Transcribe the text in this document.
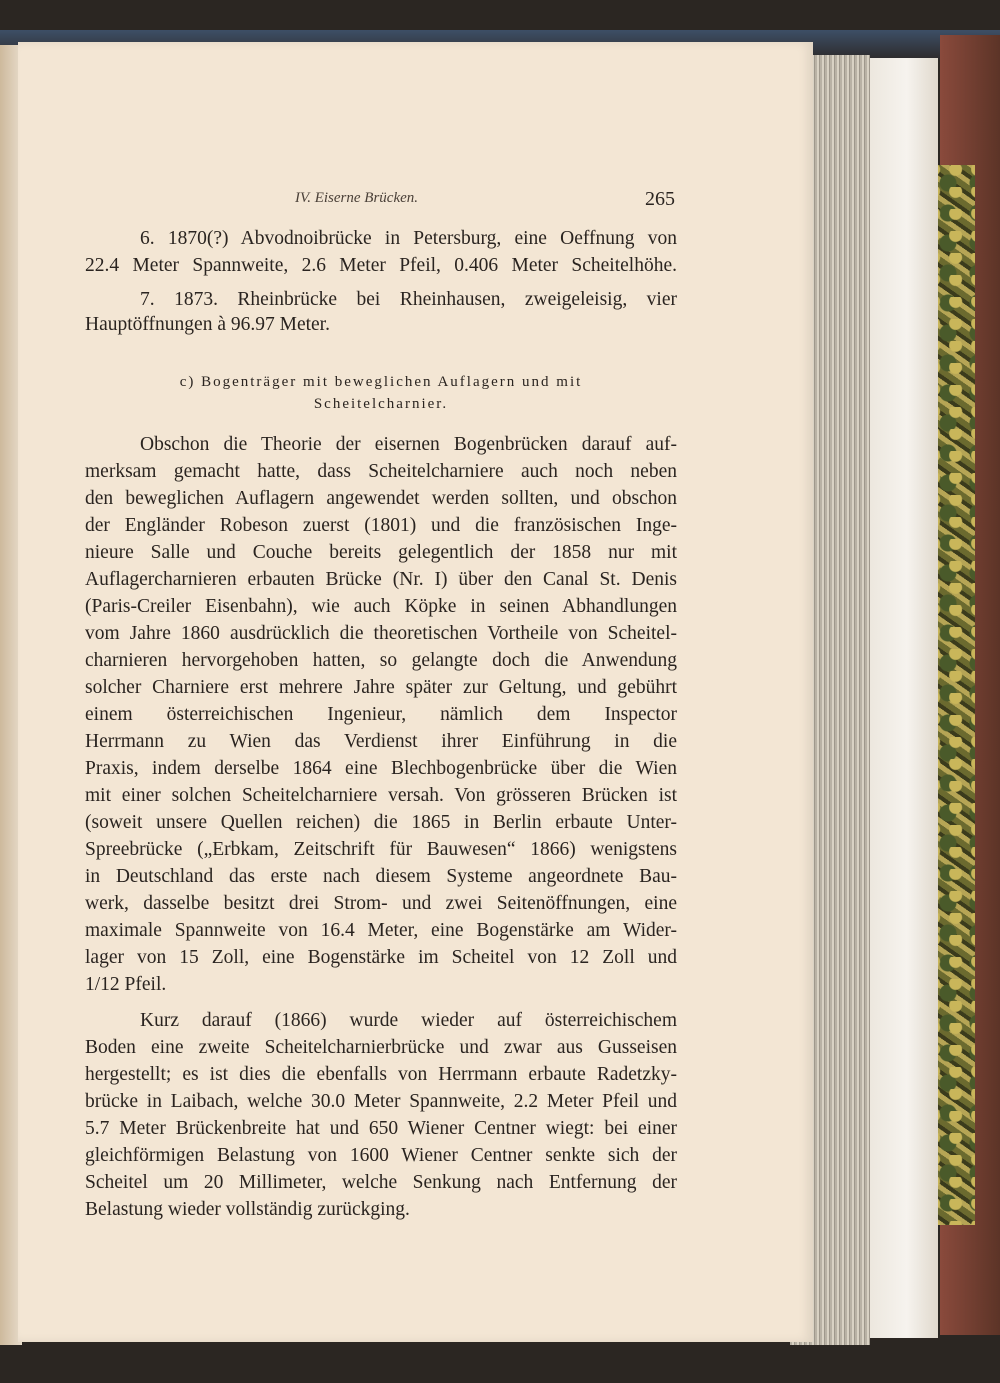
IV. Eiserne Brücken.	265
6. 1870(?) Abvodnoibrücke in Petersburg, eine Oeffnung von
22.4 Meter Spannweite, 2.6 Meter Pfeil, 0.406 Meter Scheitelhöhe.
7. 1873. Rheinbrücke bei Rheinhausen, zweigeleisig, vier
Hauptöffnungen à 96.97 Meter.
c) Bogenträger mit beweglichen Auflagern und mit
Scheitelcharnier.
Obschon die Theorie der eisernen Bogenbrücken darauf auf-
merksam gemacht hatte, dass Scheitelcharniere auch noch neben
den beweglichen Auflagern angewendet werden sollten, und obschon
der Engländer Robeson zuerst (1801) und die französischen Inge-
nieure Salle und Couche bereits gelegentlich der 1858 nur mit
Auflagercharnieren erbauten Brücke (Nr. I) über den Canal St. Denis
(Paris-Creiler Eisenbahn), wie auch Köpke in seinen Abhandlungen
vom Jahre 1860 ausdrücklich die theoretischen Vortheile von Scheitel-
charnieren hervorgehoben hatten, so gelangte doch die Anwendung
solcher Charniere erst mehrere Jahre später zur Geltung, und gebührt
einem österreichischen Ingenieur, nämlich dem Inspector
Herrmann zu Wien das Verdienst ihrer Einführung in die
Praxis, indem derselbe 1864 eine Blechbogenbrücke über die Wien
mit einer solchen Scheitelcharniere versah. Von grösseren Brücken ist
(soweit unsere Quellen reichen) die 1865 in Berlin erbaute Unter-
Spreebrücke („Erbkam, Zeitschrift für Bauwesen“ 1866) wenigstens
in Deutschland das erste nach diesem Systeme angeordnete Bau-
werk, dasselbe besitzt drei Strom- und zwei Seitenöffnungen, eine
maximale Spannweite von 16.4 Meter, eine Bogenstärke am Wider-
lager von 15 Zoll, eine Bogenstärke im Scheitel von 12 Zoll und
1/12 Pfeil.
Kurz darauf (1866) wurde wieder auf österreichischem
Boden eine zweite Scheitelcharnierbrücke und zwar aus Gusseisen
hergestellt; es ist dies die ebenfalls von Herrmann erbaute Radetzky-
brücke in Laibach, welche 30.0 Meter Spannweite, 2.2 Meter Pfeil und
5.7 Meter Brückenbreite hat und 650 Wiener Centner wiegt: bei einer
gleichförmigen Belastung von 1600 Wiener Centner senkte sich der
Scheitel um 20 Millimeter, welche Senkung nach Entfernung der
Belastung wieder vollständig zurückging.
